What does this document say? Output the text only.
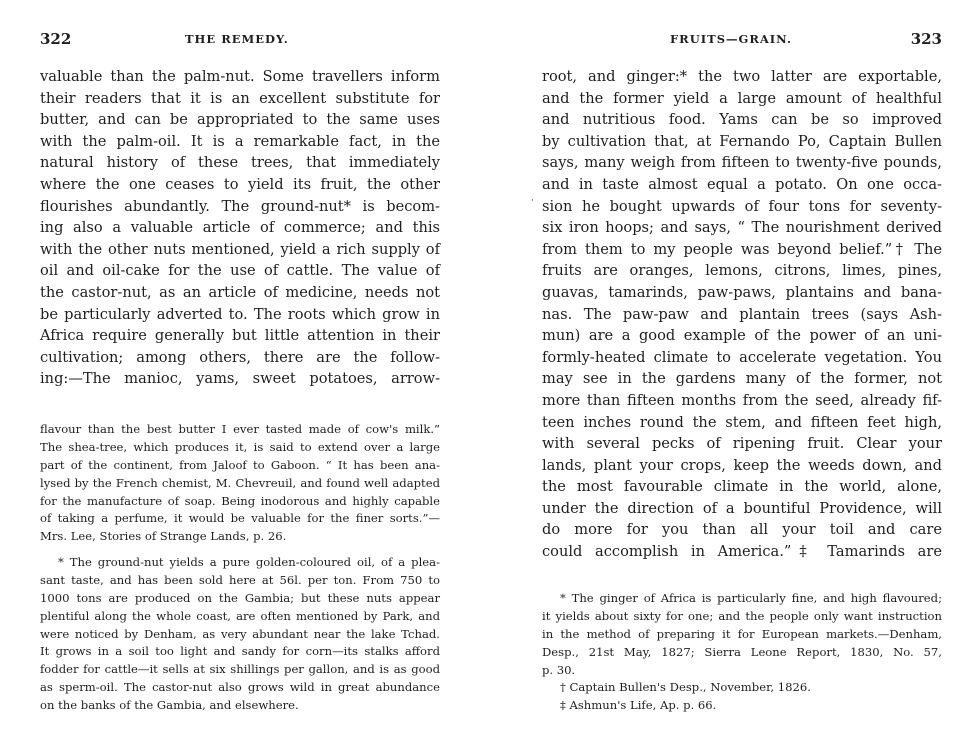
322	THE REMEDY.
valuable than the palm-nut. Some travellers inform
their readers that it is an excellent substitute for
butter, and can be appropriated to the same uses
with the palm-oil. It is a remarkable fact, in the
natural history of these trees, that immediately
where the one ceases to yield its fruit, the other
flourishes abundantly. The ground-nut* is becom-
ing also a valuable article of commerce; and this
with the other nuts mentioned, yield a rich supply of
oil and oil-cake for the use of cattle. The value of
the castor-nut, as an article of medicine, needs not
be particularly adverted to. The roots which grow in
Africa require generally but little attention in their
cultivation; among others, there are the follow-
ing:—The manioc, yams, sweet potatoes, arrow-
flavour than the best butter I ever tasted made of cow's milk.”
The shea-tree, which produces it, is said to extend over a large
part of the continent, from Jaloof to Gaboon. “ It has been ana-
lysed by the French chemist, M. Chevreuil, and found well adapted
for the manufacture of soap. Being inodorous and highly capable
of taking a perfume, it would be valuable for the finer sorts.”—
Mrs. Lee, Stories of Strange Lands, p. 26.
* The ground-nut yields a pure golden-coloured oil, of a plea-
sant taste, and has been sold here at 56l. per ton. From 750 to
1000 tons are produced on the Gambia; but these nuts appear
plentiful along the whole coast, are often mentioned by Park, and
were noticed by Denham, as very abundant near the lake Tchad.
It grows in a soil too light and sandy for corn—its stalks afford
fodder for cattle—it sells at six shillings per gallon, and is as good
as sperm-oil. The castor-nut also grows wild in great abundance
on the banks of the Gambia, and elsewhere.
·
FRUITS—GRAIN.	323
root, and ginger:* the two latter are exportable,
and the former yield a large amount of healthful
and nutritious food. Yams can be so improved
by cultivation that, at Fernando Po, Captain Bullen
says, many weigh from fifteen to twenty-five pounds,
and in taste almost equal a potato. On one occa-
sion he bought upwards of four tons for seventy-
six iron hoops; and says, “ The nourishment derived
from them to my people was beyond belief.”† The
fruits are oranges, lemons, citrons, limes, pines,
guavas, tamarinds, paw-paws, plantains and bana-
nas. The paw-paw and plantain trees (says Ash-
mun) are a good example of the power of an uni-
formly-heated climate to accelerate vegetation. You
may see in the gardens many of the former, not
more than fifteen months from the seed, already fif-
teen inches round the stem, and fifteen feet high,
with several pecks of ripening fruit. Clear your
lands, plant your crops, keep the weeds down, and
the most favourable climate in the world, alone,
under the direction of a bountiful Providence, will
do more for you than all your toil and care
could accomplish in America.”‡ Tamarinds are
* The ginger of Africa is particularly fine, and high flavoured;
it yields about sixty for one; and the people only want instruction
in the method of preparing it for European markets.—Denham,
Desp., 21st May, 1827; Sierra Leone Report, 1830, No. 57,
p. 30.
† Captain Bullen's Desp., November, 1826.
‡ Ashmun's Life, Ap. p. 66.
